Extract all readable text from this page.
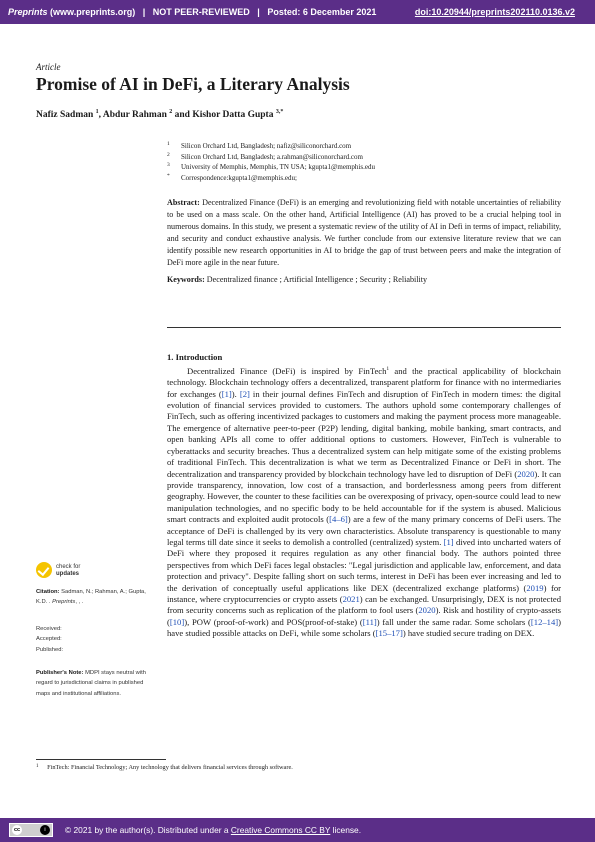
Preprints (www.preprints.org) | NOT PEER-REVIEWED | Posted: 6 December 2021	doi:10.20944/preprints202110.0136.v2
Article
Promise of AI in DeFi, a Literary Analysis
Nafiz Sadman $^1$, Abdur Rahman $^2$ and Kishor Datta Gupta $^{3,*}$
1 Silicon Orchard Ltd, Bangladesh; nafiz@siliconorchard.com
2 Silicon Orchard Ltd, Bangladesh; a.rahman@siliconorchard.com
3 University of Memphis, Memphis, TN USA; kgupta1@memphis.edu
* Correspondence:kgupta1@memphis.edu;
Abstract: Decentralized Finance (DeFi) is an emerging and revolutionizing field with notable uncertainties of reliability to be used on a mass scale. On the other hand, Artificial Intelligence (AI) has proved to be a crucial helping tool in numerous domains. In this study, we present a systematic review of the utility of AI in Defi in terms of impact, reliability, and security and conduct exhaustive analysis. We further conclude from our extensive literature review that we can identify possible new research opportunities in AI to bridge the gap of trust between peers and make the integration of DeFi more agile in the near future.
Keywords: Decentralized finance ; Artificial Intelligence ; Security ; Reliability
1. Introduction
Decentralized Finance (DeFi) is inspired by FinTech$^1$ and the practical applicability of blockchain technology. Blockchain technology offers a decentralized, transparent platform for finance with no intermediaries for exchanges ([1]). [2] in their journal defines FinTech and disruption of FinTech in modern times: the digital evolution of financial services provided to customers. The authors uphold some contemporary challenges of FinTech, such as offering incentivized packages to customers and making the payment process more manageable. The emergence of alternative peer-to-peer (P2P) lending, digital banking, mobile banking, smart contracts, and open banking APIs all come to offer additional options to customers. However, FinTech is vulnerable to cyberattacks and security breaches. Thus a decentralized system can help mitigate some of the existing problems of traditional FinTech. This decentralization is what we term as Decentralized Finance or DeFi in short. The decentralization and transparency provided by blockchain technology have led to disruption of DeFi (2020). It can provide transparency, innovation, low cost of a transaction, and borderlessness among peers from different geography. However, the counter to these facilities can be overexposing of privacy, open-source could lead to new manipulation technologies, and no specific body to be held accountable for if the system is abused. Malicious smart contracts and exploited audit protocols ([4–6]) are a few of the many primary concerns of DeFi users. The acceptance of DeFi is challenged by its very own characteristics. Absolute transparency is questionable to many legal terms till date since it seeks to demolish a controlled (centralized) system. [1] dived into uncharted waters of DeFi where they proposed it requires regulation as any other financial body. The authors pointed three perspectives from which DeFi faces legal obstacles: "Legal jurisdiction and applicable law, enforcement, and data protection and privacy". Despite falling short on such terms, interest in DeFi has been ever increasing and led to the derivation of conceptually useful applications like DEX (decentralized exchange platforms) (2019) for instance, where cryptocurrencies or crypto assets (2021) can be exchanged. Unsurprisingly, DEX is not protected from security concerns such as replication of the platform to fool users (2020). Risk and hostility of crypto-assets ([10]), POW (proof-of-work) and POS(proof-of-stake) ([11]) fall under the same radar. Some scholars ([12–14]) have studied possible attacks on DeFi, while some scholars ([15–17]) have studied secure trading on DEX.
check for
updates
Citation: Sadman, N.; Rahman, A.; Gupta, K.D. . Preprints, , .
Received:
Accepted:
Published:
Publisher's Note: MDPI stays neutral with regard to jurisdictional claims in published maps and institutional affiliations.
$^1$ FinTech: Financial Technology; Any technology that delivers financial services through software.
cc	i	© 2021 by the author(s). Distributed under a Creative Commons CC BY license.
